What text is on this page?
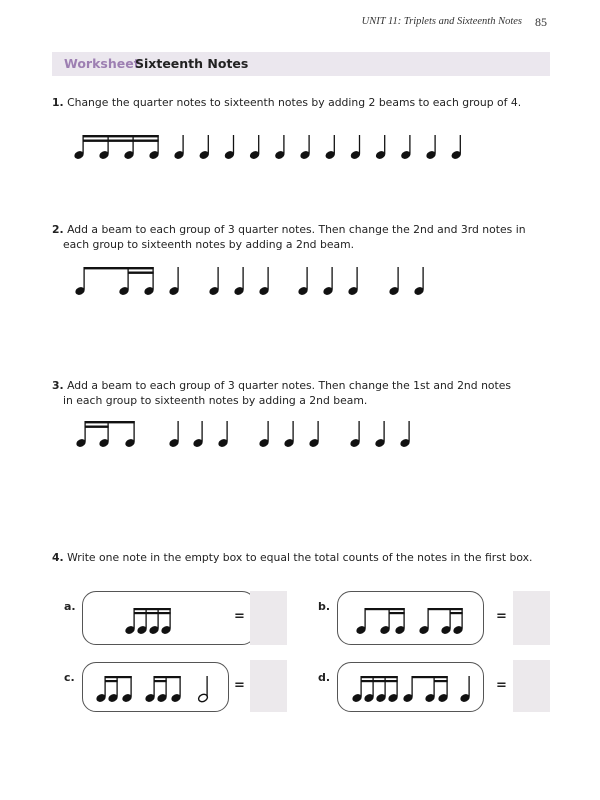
UNIT 11: Triplets and Sixteenth Notes 85
Worksheet
Sixteenth Notes
1. Change the quarter notes to sixteenth notes by adding 2 beams to each group of 4.
2. Add a beam to each group of 3 quarter notes. Then change the 2nd and 3rd notes in
each group to sixteenth notes by adding a 2nd beam.
3. Add a beam to each group of 3 quarter notes. Then change the 1st and 2nd notes
in each group to sixteenth notes by adding a 2nd beam.
4. Write one note in the empty box to equal the total counts of the notes in the first box.
a.
=
b.
=
c.
=
d.
=
